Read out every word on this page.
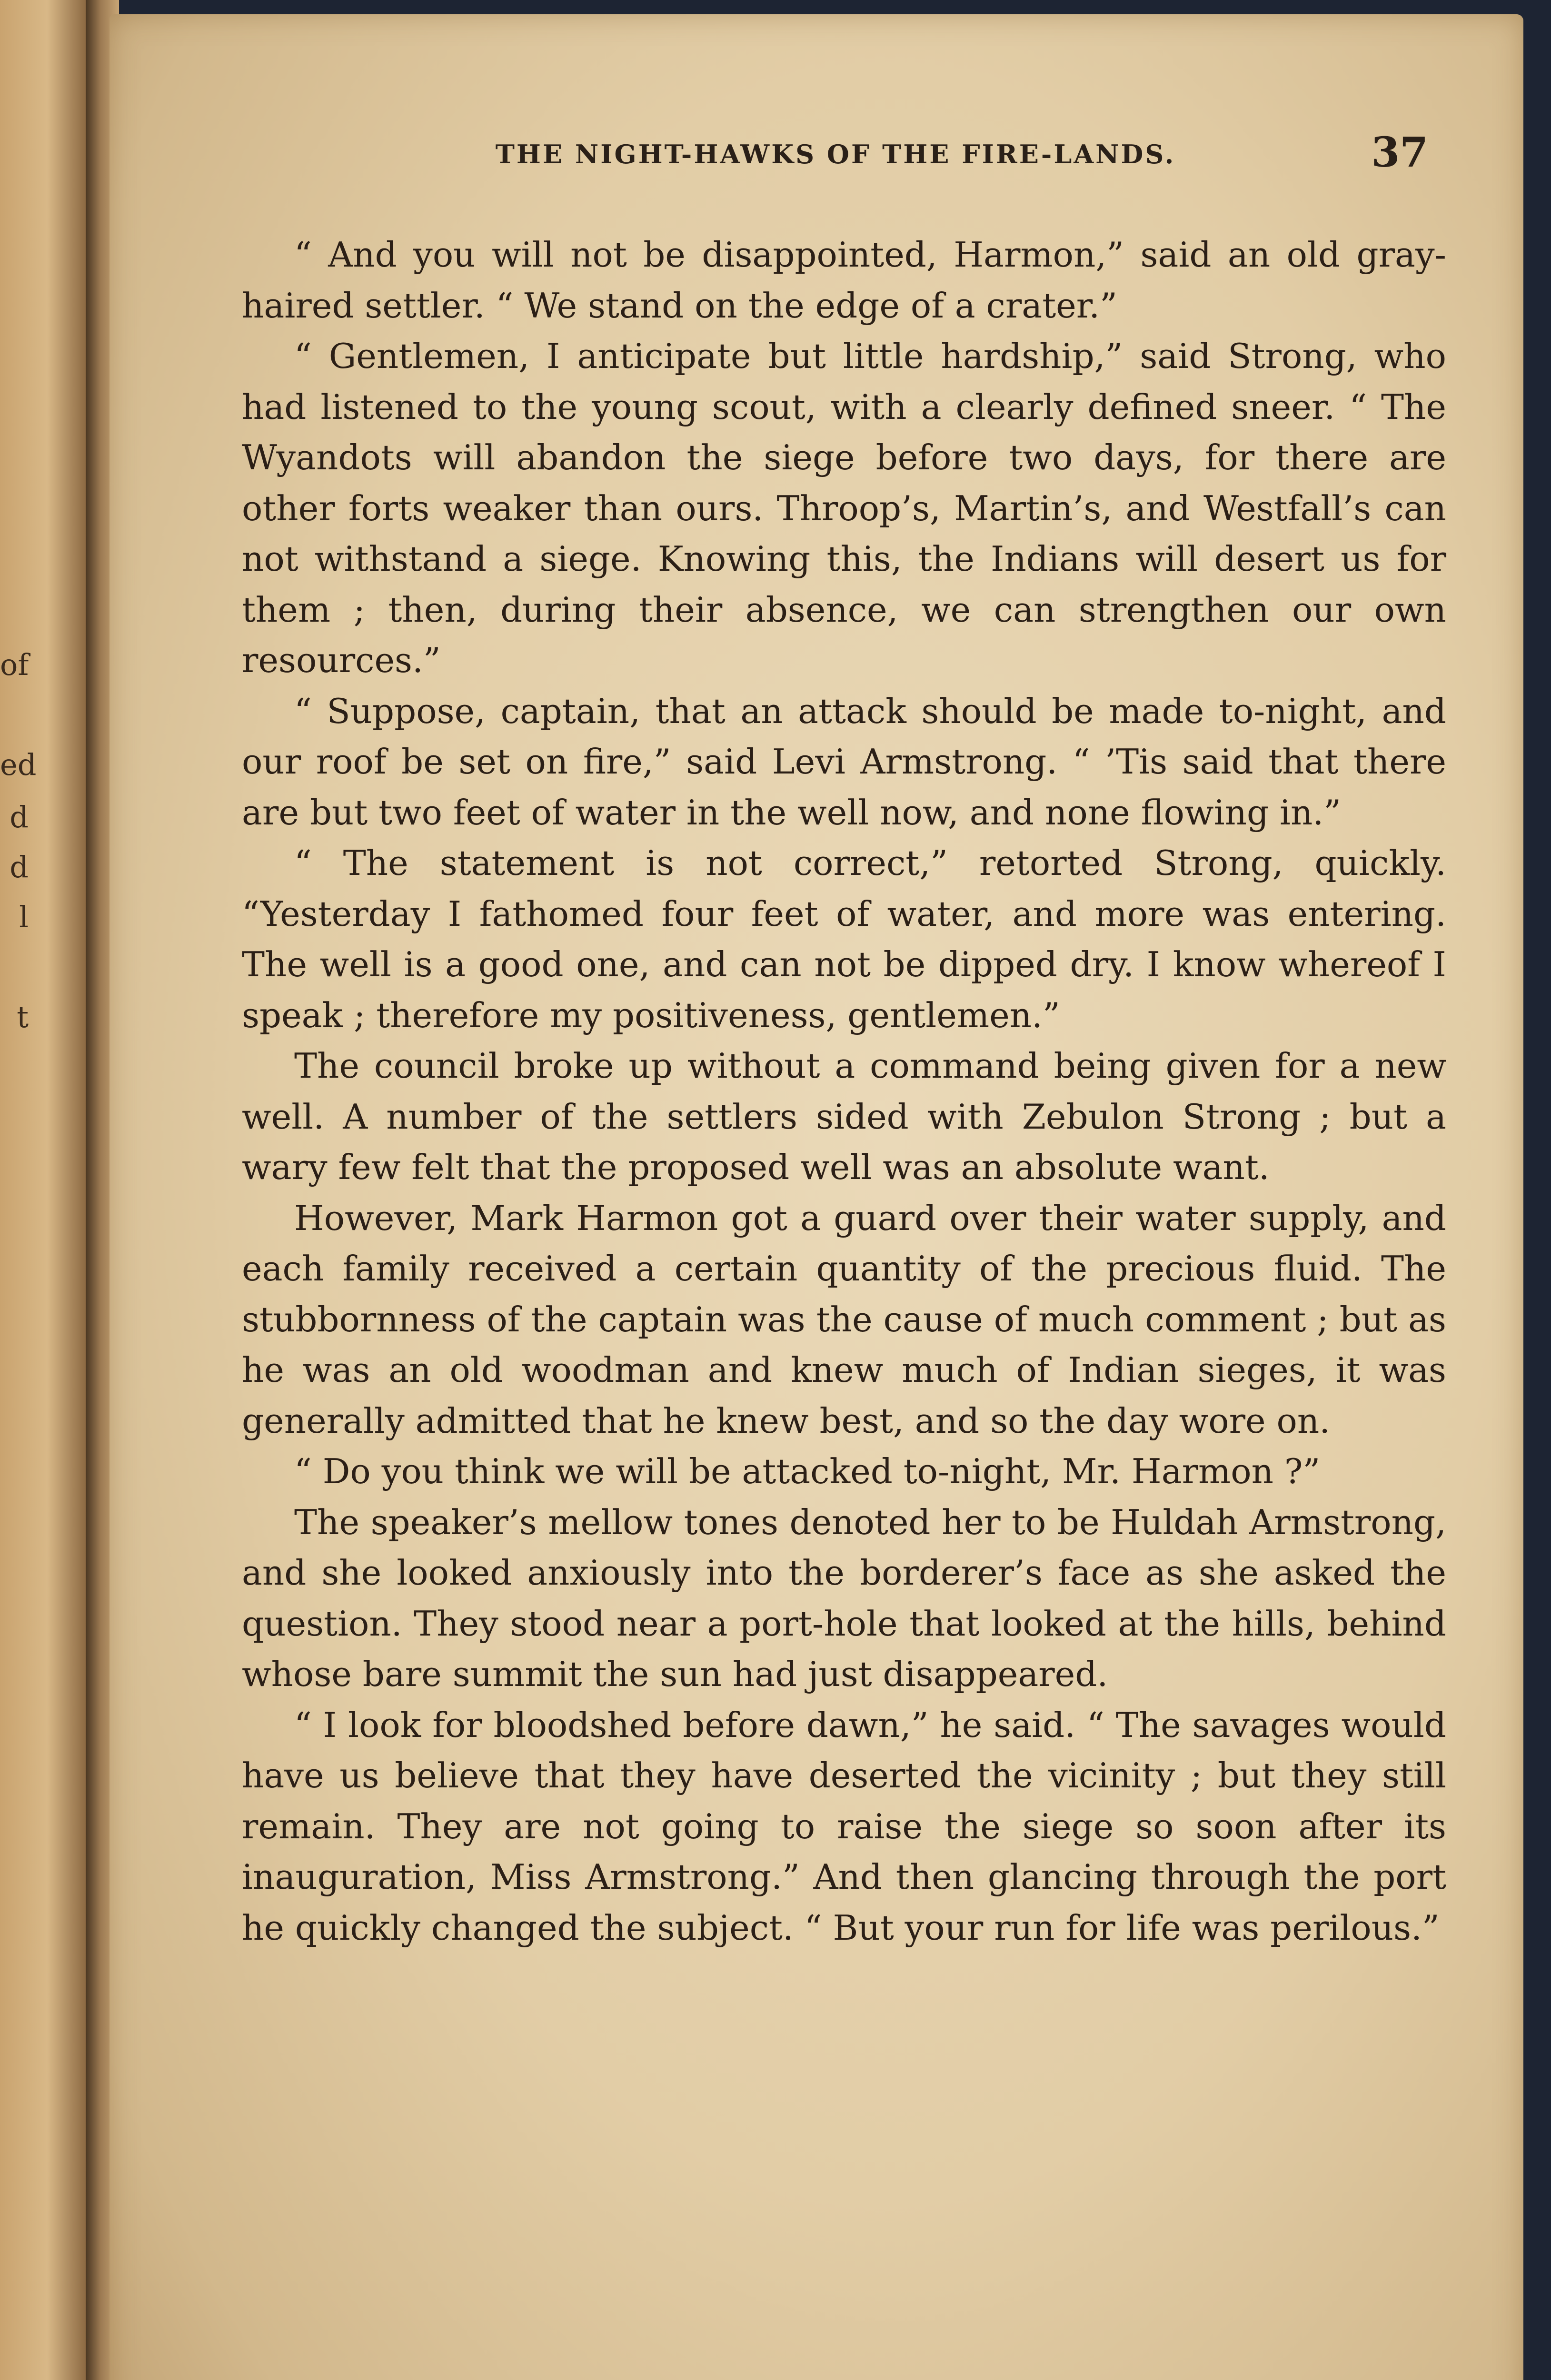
of
ed
d
d
l
t
THE NIGHT-HAWKS OF THE FIRE-LANDS.	37

“ And you will not be disappointed, Harmon,” said an old gray-haired settler. “ We stand on the edge of a crater.”

“ Gentlemen, I anticipate but little hardship,” said Strong, who had listened to the young scout, with a clearly defined sneer. “ The Wyandots will abandon the siege before two days, for there are other forts weaker than ours. Throop’s, Martin’s, and Westfall’s can not withstand a siege. Knowing this, the Indians will desert us for them ; then, during their absence, we can strengthen our own resources.”

“ Suppose, captain, that an attack should be made to-night, and our roof be set on fire,” said Levi Armstrong. “ ’Tis said that there are but two feet of water in the well now, and none flowing in.”

“ The statement is not correct,” retorted Strong, quickly. “Yesterday I fathomed four feet of water, and more was entering. The well is a good one, and can not be dipped dry. I know whereof I speak ; therefore my positiveness, gentlemen.”

The council broke up without a command being given for a new well. A number of the settlers sided with Zebulon Strong ; but a wary few felt that the proposed well was an absolute want.

However, Mark Harmon got a guard over their water supply, and each family received a certain quantity of the precious fluid. The stubbornness of the captain was the cause of much comment ; but as he was an old woodman and knew much of Indian sieges, it was generally admitted that he knew best, and so the day wore on.

“ Do you think we will be attacked to-night, Mr. Harmon ?”

The speaker’s mellow tones denoted her to be Huldah Armstrong, and she looked anxiously into the borderer’s face as she asked the question. They stood near a port-hole that looked at the hills, behind whose bare summit the sun had just disappeared.

“ I look for bloodshed before dawn,” he said. “ The savages would have us believe that they have deserted the vicinity ; but they still remain. They are not going to raise the siege so soon after its inauguration, Miss Armstrong.” And then glancing through the port he quickly changed the subject. “ But your run for life was perilous.”
